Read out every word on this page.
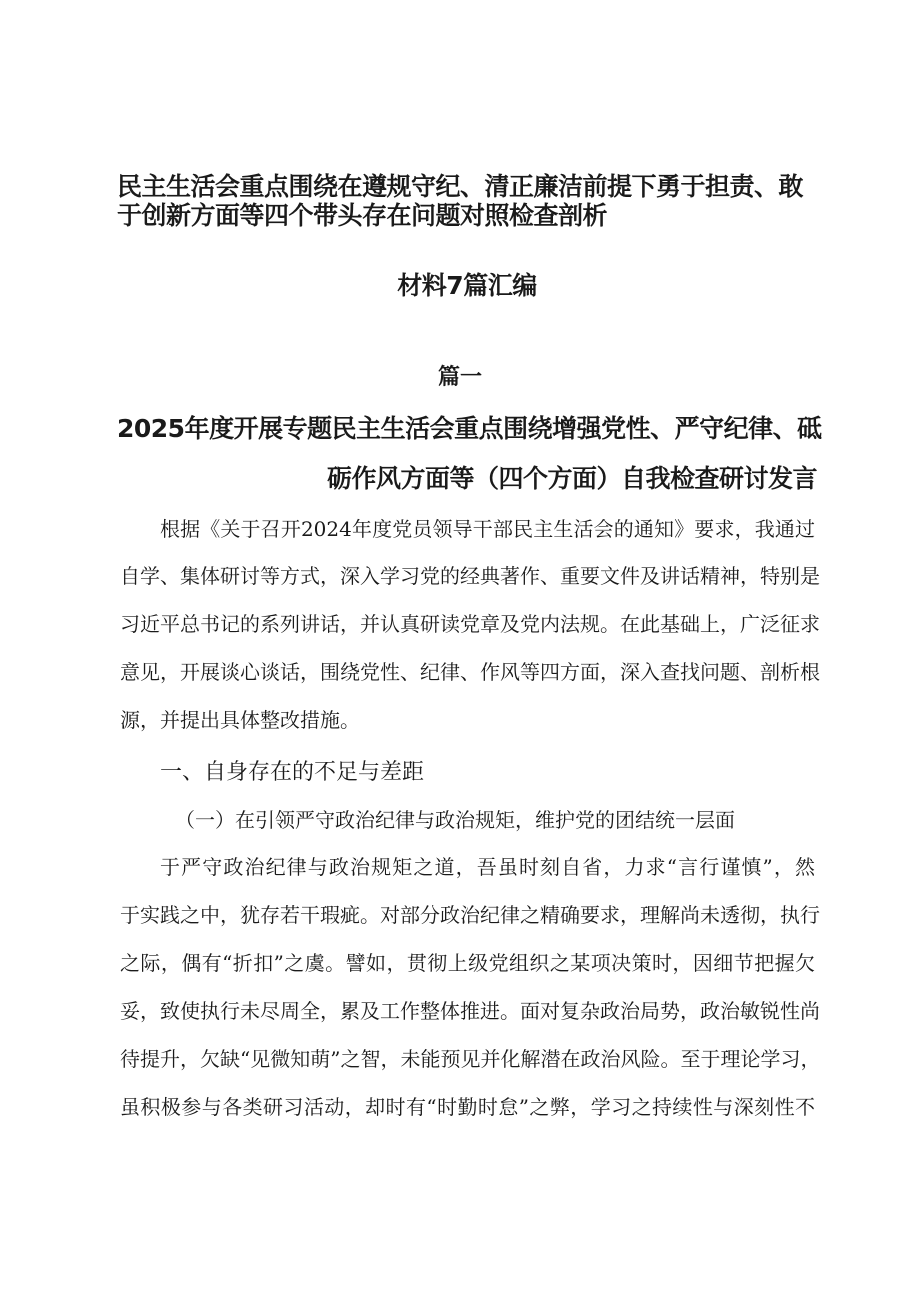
民主生活会重点围绕在遵规守纪、清正廉洁前提下勇于担责、敢
于创新方面等四个带头存在问题对照检查剖析
材料7篇汇编
篇一
2025年度开展专题民主生活会重点围绕增强党性、严守纪律、砥
砺作风方面等（四个方面）自我检查研讨发言
根据《关于召开2024年度党员领导干部民主生活会的通知》要求，我通过
自学、集体研讨等方式，深入学习党的经典著作、重要文件及讲话精神，特别是
习近平总书记的系列讲话，并认真研读党章及党内法规。在此基础上，广泛征求
意见，开展谈心谈话，围绕党性、纪律、作风等四方面，深入查找问题、剖析根
源，并提出具体整改措施。
一、自身存在的不足与差距
（一）在引领严守政治纪律与政治规矩，维护党的团结统一层面
于严守政治纪律与政治规矩之道，吾虽时刻自省，力求“言行谨慎”，然
于实践之中，犹存若干瑕疵。对部分政治纪律之精确要求，理解尚未透彻，执行
之际，偶有“折扣”之虞。譬如，贯彻上级党组织之某项决策时，因细节把握欠
妥，致使执行未尽周全，累及工作整体推进。面对复杂政治局势，政治敏锐性尚
待提升，欠缺“见微知萌”之智，未能预见并化解潜在政治风险。至于理论学习，
虽积极参与各类研习活动，却时有“时勤时怠”之弊，学习之持续性与深刻性不
